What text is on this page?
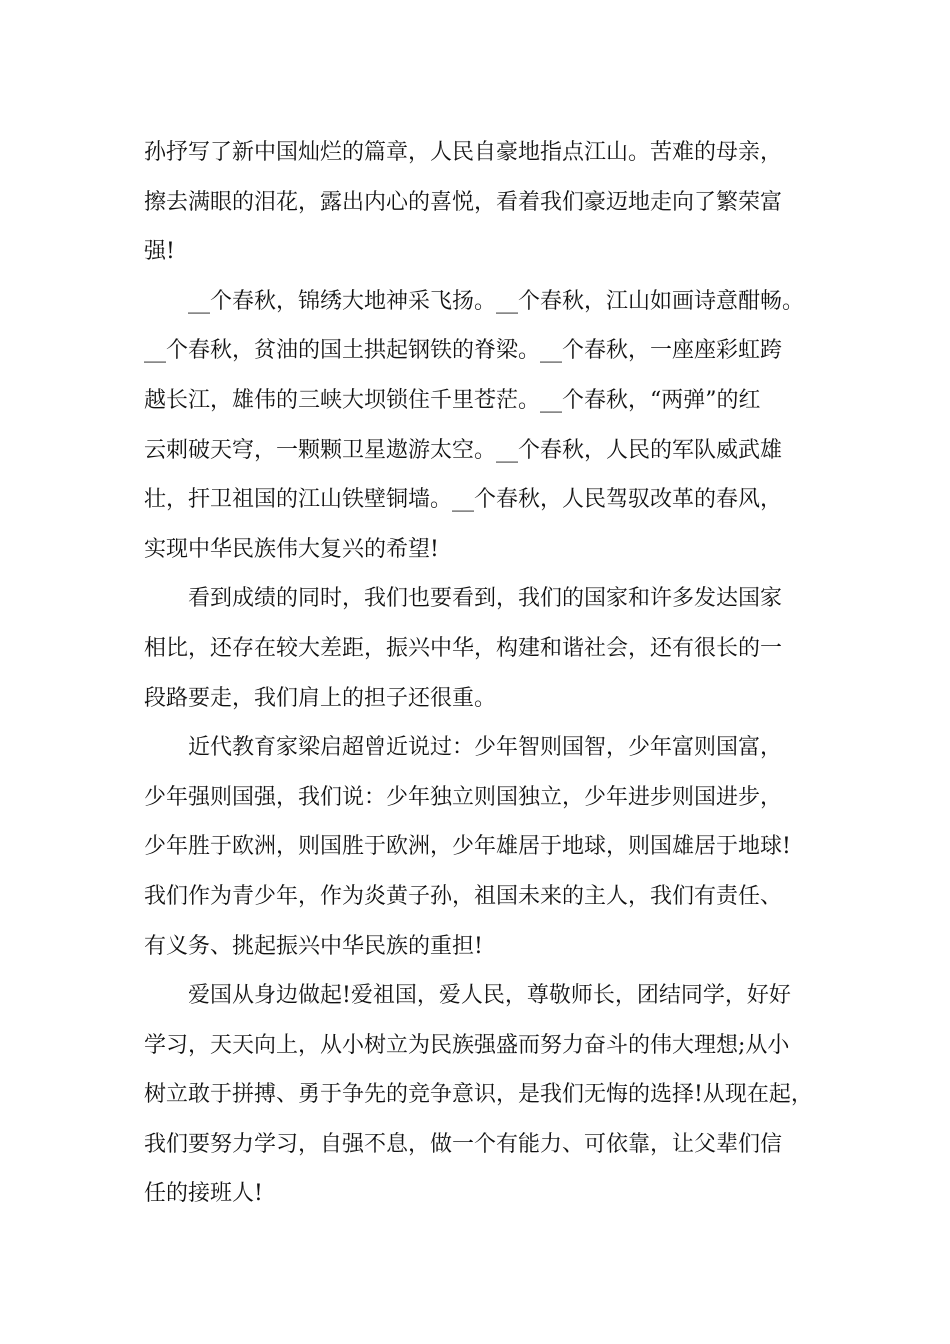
孙抒写了新中国灿烂的篇章，人民自豪地指点江山。苦难的母亲，
擦去满眼的泪花，露出内心的喜悦，看着我们豪迈地走向了繁荣富
强!

__个春秋，锦绣大地神采飞扬。__个春秋，江山如画诗意酣畅。
__个春秋，贫油的国土拱起钢铁的脊梁。__个春秋，一座座彩虹跨
越长江，雄伟的三峡大坝锁住千里苍茫。__个春秋，“两弹”的红
云刺破天穹，一颗颗卫星遨游太空。__个春秋，人民的军队威武雄
壮，扞卫祖国的江山铁壁铜墙。__个春秋，人民驾驭改革的春风，
实现中华民族伟大复兴的希望!

看到成绩的同时，我们也要看到，我们的国家和许多发达国家
相比，还存在较大差距，振兴中华，构建和谐社会，还有很长的一
段路要走，我们肩上的担子还很重。

近代教育家梁启超曾近说过：少年智则国智，少年富则国富，
少年强则国强，我们说：少年独立则国独立，少年进步则国进步，
少年胜于欧洲，则国胜于欧洲，少年雄居于地球，则国雄居于地球!
我们作为青少年，作为炎黄子孙，祖国未来的主人，我们有责任、
有义务、挑起振兴中华民族的重担!

爱国从身边做起!爱祖国，爱人民，尊敬师长，团结同学，好好
学习，天天向上，从小树立为民族强盛而努力奋斗的伟大理想;从小
树立敢于拼搏、勇于争先的竞争意识，是我们无悔的选择!从现在起，
我们要努力学习，自强不息，做一个有能力、可依靠，让父辈们信
任的接班人!
